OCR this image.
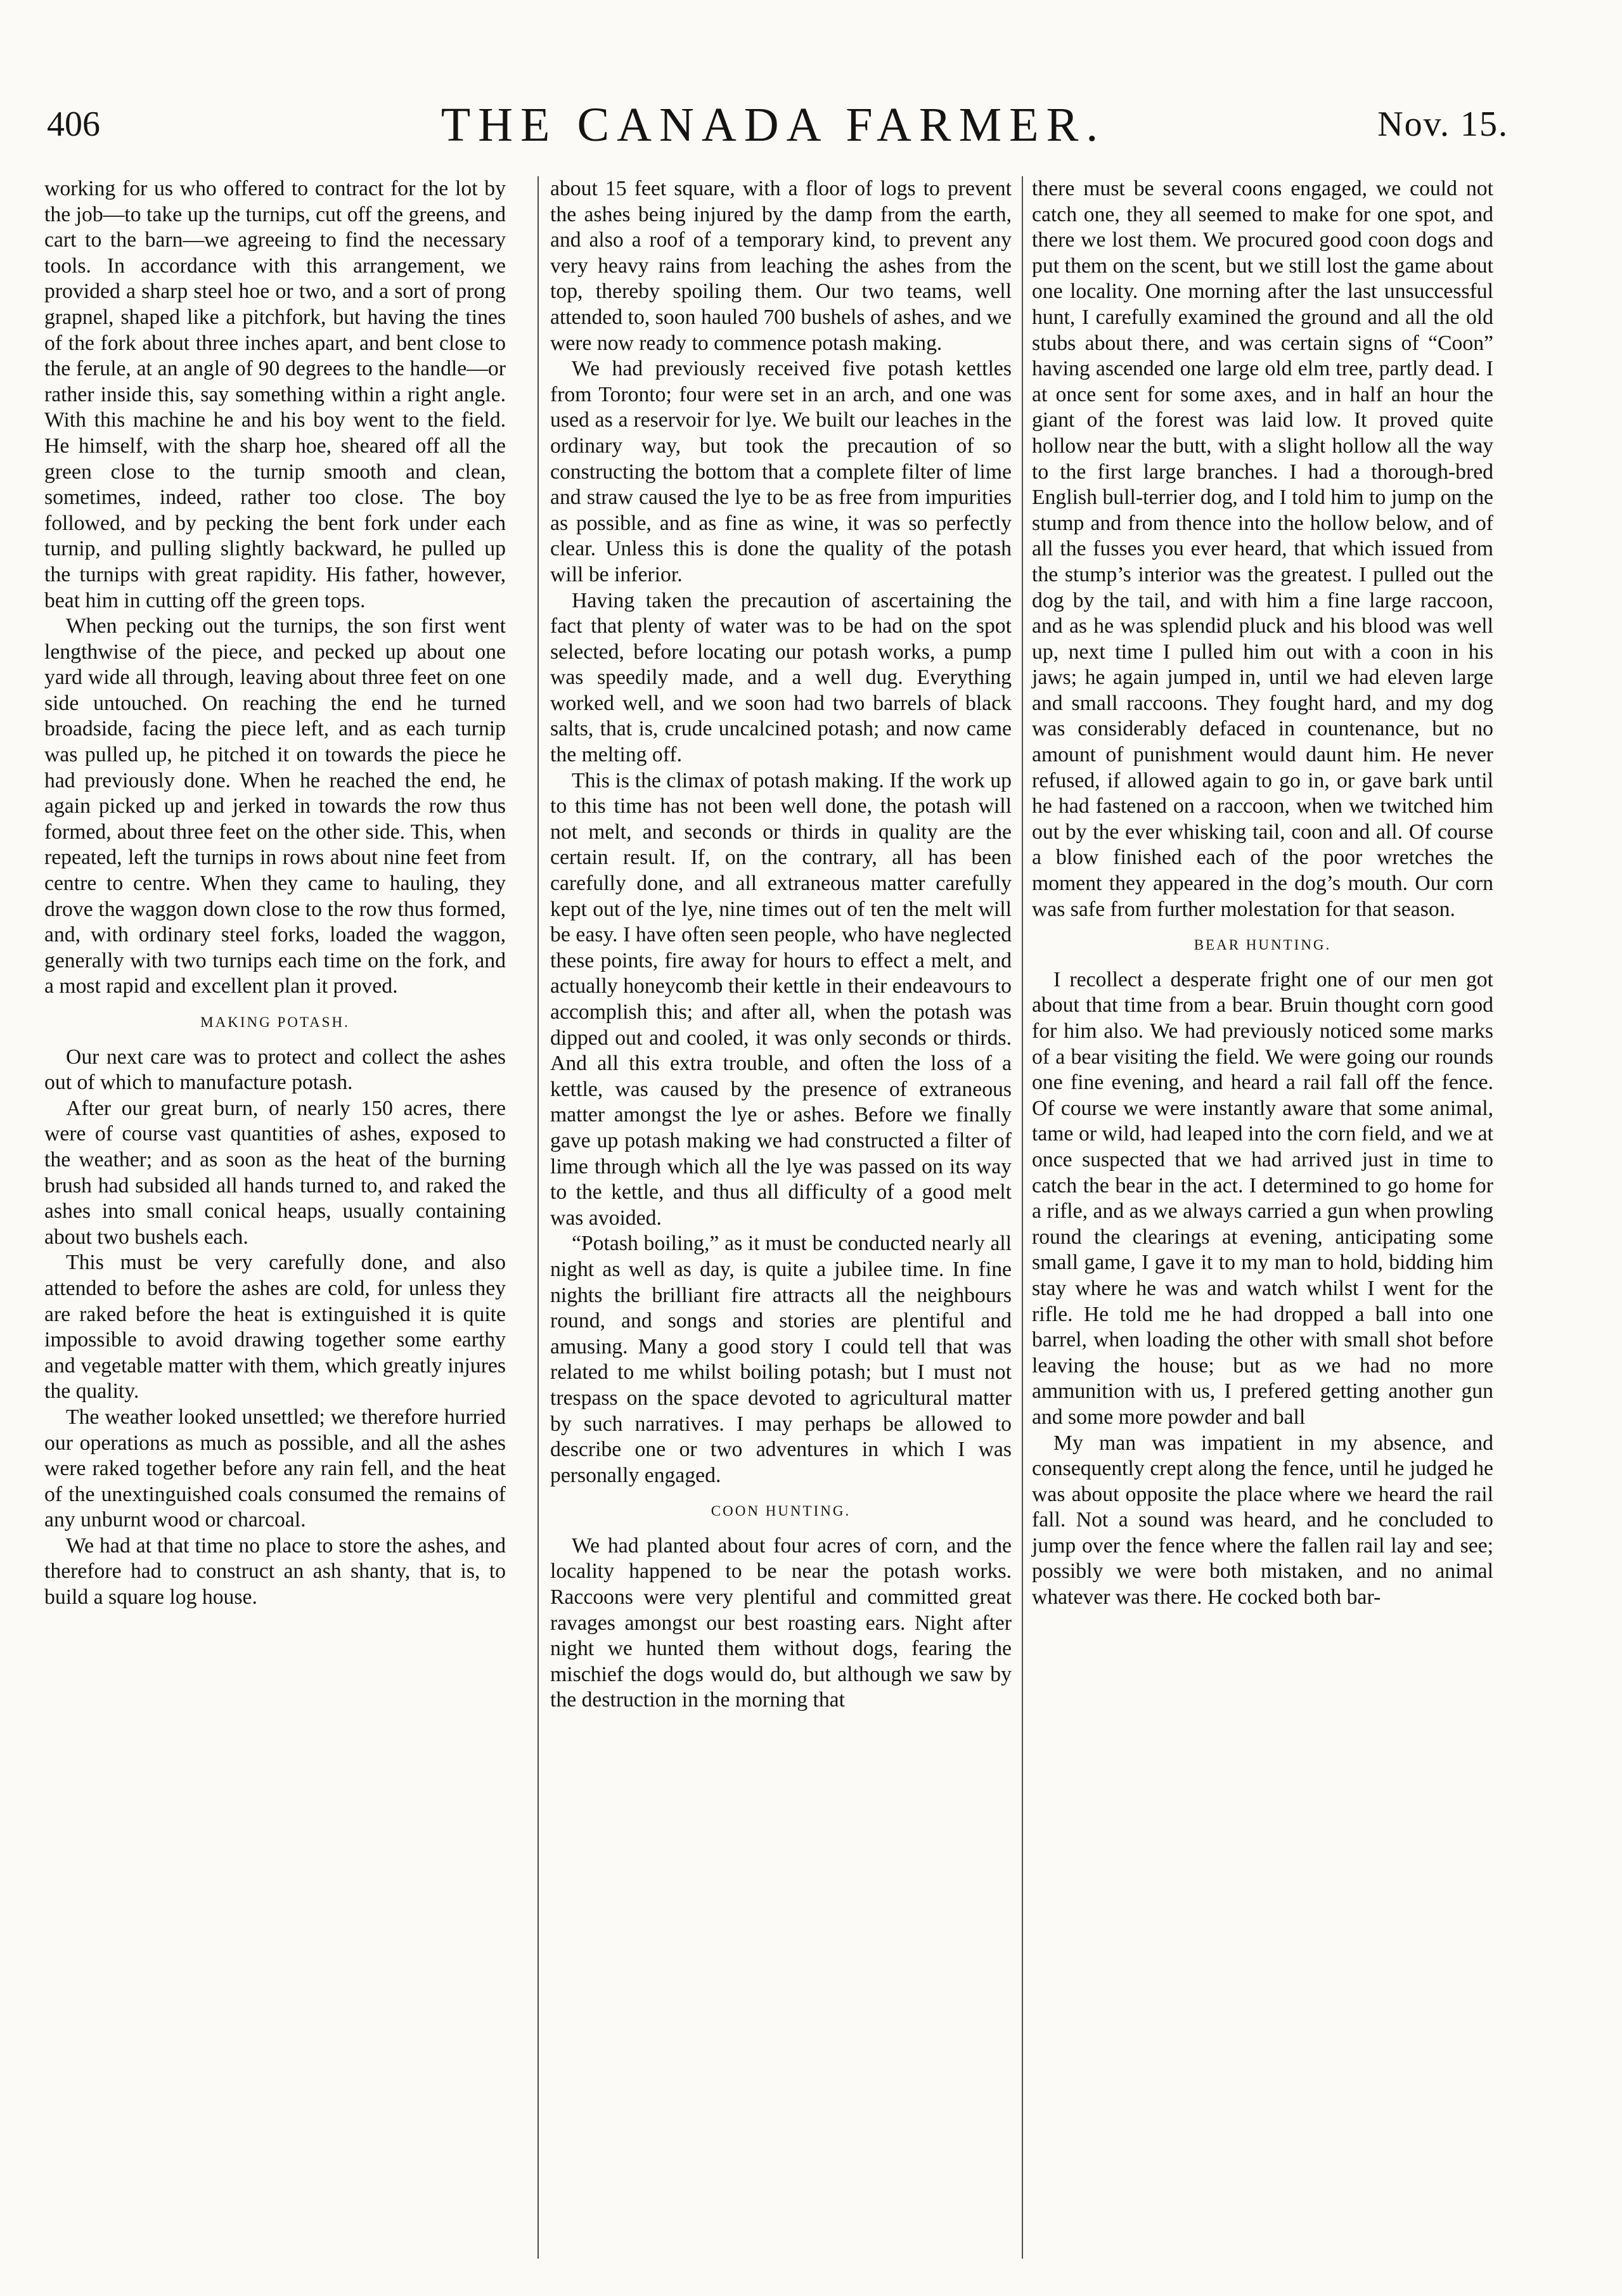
406	THE CANADA FARMER.	Nov. 15.

working for us who offered to contract for the lot by the job—to take up the turnips, cut off the greens, and cart to the barn—we agreeing to find the necessary tools. In accordance with this arrangement, we provided a sharp steel hoe or two, and a sort of prong grapnel, shaped like a pitchfork, but having the tines of the fork about three inches apart, and bent close to the ferule, at an angle of 90 degrees to the handle—or rather inside this, say something within a right angle. With this machine he and his boy went to the field. He himself, with the sharp hoe, sheared off all the green close to the turnip smooth and clean, sometimes, indeed, rather too close. The boy followed, and by pecking the bent fork under each turnip, and pulling slightly backward, he pulled up the turnips with great rapidity. His father, however, beat him in cutting off the green tops.

When pecking out the turnips, the son first went lengthwise of the piece, and pecked up about one yard wide all through, leaving about three feet on one side untouched. On reaching the end he turned broadside, facing the piece left, and as each turnip was pulled up, he pitched it on towards the piece he had previously done. When he reached the end, he again picked up and jerked in towards the row thus formed, about three feet on the other side. This, when repeated, left the turnips in rows about nine feet from centre to centre. When they came to hauling, they drove the waggon down close to the row thus formed, and, with ordinary steel forks, loaded the waggon, generally with two turnips each time on the fork, and a most rapid and excellent plan it proved.

MAKING POTASH.

Our next care was to protect and collect the ashes out of which to manufacture potash.

After our great burn, of nearly 150 acres, there were of course vast quantities of ashes, exposed to the weather; and as soon as the heat of the burning brush had subsided all hands turned to, and raked the ashes into small conical heaps, usually containing about two bushels each.

This must be very carefully done, and also attended to before the ashes are cold, for unless they are raked before the heat is extinguished it is quite impossible to avoid drawing together some earthy and vegetable matter with them, which greatly injures the quality.

The weather looked unsettled; we therefore hurried our operations as much as possible, and all the ashes were raked together before any rain fell, and the heat of the unextinguished coals consumed the remains of any unburnt wood or charcoal.

We had at that time no place to store the ashes, and therefore had to construct an ash shanty, that is, to build a square log house.

about 15 feet square, with a floor of logs to prevent the ashes being injured by the damp from the earth, and also a roof of a temporary kind, to prevent any very heavy rains from leaching the ashes from the top, thereby spoiling them. Our two teams, well attended to, soon hauled 700 bushels of ashes, and we were now ready to commence potash making.

We had previously received five potash kettles from Toronto; four were set in an arch, and one was used as a reservoir for lye. We built our leaches in the ordinary way, but took the precaution of so constructing the bottom that a complete filter of lime and straw caused the lye to be as free from impurities as possible, and as fine as wine, it was so perfectly clear. Unless this is done the quality of the potash will be inferior.

Having taken the precaution of ascertaining the fact that plenty of water was to be had on the spot selected, before locating our potash works, a pump was speedily made, and a well dug. Everything worked well, and we soon had two barrels of black salts, that is, crude uncalcined potash; and now came the melting off.

This is the climax of potash making. If the work up to this time has not been well done, the potash will not melt, and seconds or thirds in quality are the certain result. If, on the contrary, all has been carefully done, and all extraneous matter carefully kept out of the lye, nine times out of ten the melt will be easy. I have often seen people, who have neglected these points, fire away for hours to effect a melt, and actually honeycomb their kettle in their endeavours to accomplish this; and after all, when the potash was dipped out and cooled, it was only seconds or thirds. And all this extra trouble, and often the loss of a kettle, was caused by the presence of extraneous matter amongst the lye or ashes. Before we finally gave up potash making we had constructed a filter of lime through which all the lye was passed on its way to the kettle, and thus all difficulty of a good melt was avoided.

“Potash boiling,” as it must be conducted nearly all night as well as day, is quite a jubilee time. In fine nights the brilliant fire attracts all the neighbours round, and songs and stories are plentiful and amusing. Many a good story I could tell that was related to me whilst boiling potash; but I must not trespass on the space devoted to agricultural matter by such narratives. I may perhaps be allowed to describe one or two adventures in which I was personally engaged.

COON HUNTING.

We had planted about four acres of corn, and the locality happened to be near the potash works. Raccoons were very plentiful and committed great ravages amongst our best roasting ears. Night after night we hunted them without dogs, fearing the mischief the dogs would do, but although we saw by the destruction in the morning that

there must be several coons engaged, we could not catch one, they all seemed to make for one spot, and there we lost them. We procured good coon dogs and put them on the scent, but we still lost the game about one locality. One morning after the last unsuccessful hunt, I carefully examined the ground and all the old stubs about there, and was certain signs of “Coon” having ascended one large old elm tree, partly dead. I at once sent for some axes, and in half an hour the giant of the forest was laid low. It proved quite hollow near the butt, with a slight hollow all the way to the first large branches. I had a thorough-bred English bull-terrier dog, and I told him to jump on the stump and from thence into the hollow below, and of all the fusses you ever heard, that which issued from the stump’s interior was the greatest. I pulled out the dog by the tail, and with him a fine large raccoon, and as he was splendid pluck and his blood was well up, next time I pulled him out with a coon in his jaws; he again jumped in, until we had eleven large and small raccoons. They fought hard, and my dog was considerably defaced in countenance, but no amount of punishment would daunt him. He never refused, if allowed again to go in, or gave bark until he had fastened on a raccoon, when we twitched him out by the ever whisking tail, coon and all. Of course a blow finished each of the poor wretches the moment they appeared in the dog’s mouth. Our corn was safe from further molestation for that season.

BEAR HUNTING.

I recollect a desperate fright one of our men got about that time from a bear. Bruin thought corn good for him also. We had previously noticed some marks of a bear visiting the field. We were going our rounds one fine evening, and heard a rail fall off the fence. Of course we were instantly aware that some animal, tame or wild, had leaped into the corn field, and we at once suspected that we had arrived just in time to catch the bear in the act. I determined to go home for a rifle, and as we always carried a gun when prowling round the clearings at evening, anticipating some small game, I gave it to my man to hold, bidding him stay where he was and watch whilst I went for the rifle. He told me he had dropped a ball into one barrel, when loading the other with small shot before leaving the house; but as we had no more ammunition with us, I prefered getting another gun and some more powder and ball

My man was impatient in my absence, and consequently crept along the fence, until he judged he was about opposite the place where we heard the rail fall. Not a sound was heard, and he concluded to jump over the fence where the fallen rail lay and see; possibly we were both mistaken, and no animal whatever was there. He cocked both bar-
